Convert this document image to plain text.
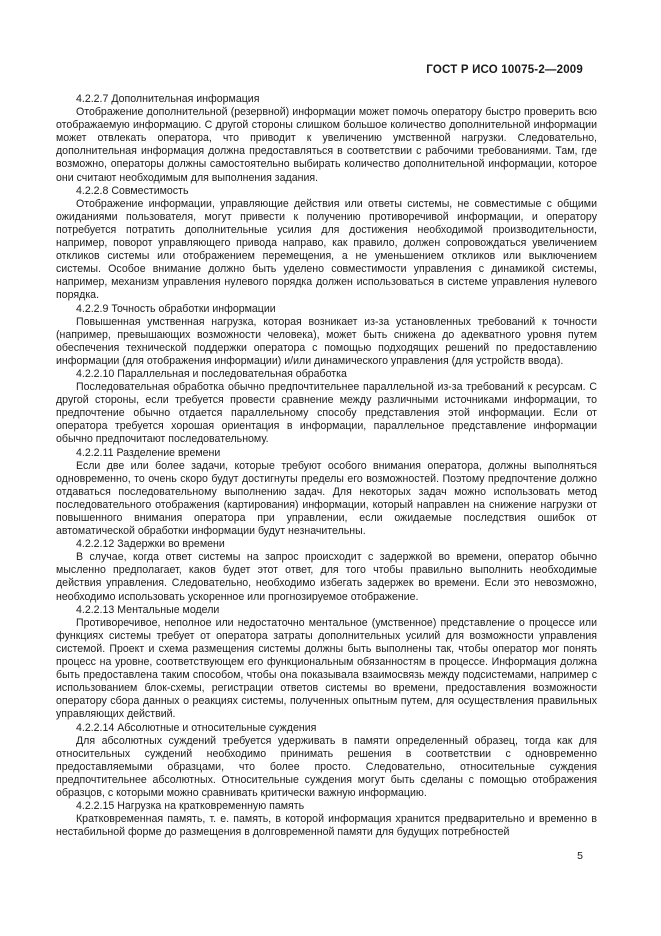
ГОСТ Р ИСО 10075-2—2009

4.2.2.7 Дополнительная информация

Отображение дополнительной (резервной) информации может помочь оператору быстро проверить всю отображаемую информацию. С другой стороны слишком большое количество дополнительной информации может отвлекать оператора, что приводит к увеличению умственной нагрузки. Следовательно, дополнительная информация должна предоставляться в соответствии с рабочими требованиями. Там, где возможно, операторы должны самостоятельно выбирать количество дополнительной информации, которое они считают необходимым для выполнения задания.

4.2.2.8 Совместимость

Отображение информации, управляющие действия или ответы системы, не совместимые с общими ожиданиями пользователя, могут привести к получению противоречивой информации, и оператору потребуется потратить дополнительные усилия для достижения необходимой производительности, например, поворот управляющего привода направо, как правило, должен сопровождаться увеличением откликов системы или отображением перемещения, а не уменьшением откликов или выключением системы. Особое внимание должно быть уделено совместимости управления с динамикой системы, например, механизм управления нулевого порядка должен использоваться в системе управления нулевого порядка.

4.2.2.9 Точность обработки информации

Повышенная умственная нагрузка, которая возникает из-за установленных требований к точности (например, превышающих возможности человека), может быть снижена до адекватного уровня путем обеспечения технической поддержки оператора с помощью подходящих решений по предоставлению информации (для отображения информации) и/или динамического управления (для устройств ввода).

4.2.2.10 Параллельная и последовательная обработка

Последовательная обработка обычно предпочтительнее параллельной из-за требований к ресурсам. С другой стороны, если требуется провести сравнение между различными источниками информации, то предпочтение обычно отдается параллельному способу представления этой информации. Если от оператора требуется хорошая ориентация в информации, параллельное представление информации обычно предпочитают последовательному.

4.2.2.11 Разделение времени

Если две или более задачи, которые требуют особого внимания оператора, должны выполняться одновременно, то очень скоро будут достигнуты пределы его возможностей. Поэтому предпочтение должно отдаваться последовательному выполнению задач. Для некоторых задач можно использовать метод последовательного отображения (картирования) информации, который направлен на снижение нагрузки от повышенного внимания оператора при управлении, если ожидаемые последствия ошибок от автоматической обработки информации будут незначительны.

4.2.2.12 Задержки во времени

В случае, когда ответ системы на запрос происходит с задержкой во времени, оператор обычно мысленно предполагает, каков будет этот ответ, для того чтобы правильно выполнить необходимые действия управления. Следовательно, необходимо избегать задержек во времени. Если это невозможно, необходимо использовать ускоренное или прогнозируемое отображение.

4.2.2.13 Ментальные модели

Противоречивое, неполное или недостаточно ментальное (умственное) представление о процессе или функциях системы требует от оператора затраты дополнительных усилий для возможности управления системой. Проект и схема размещения системы должны быть выполнены так, чтобы оператор мог понять процесс на уровне, соответствующем его функциональным обязанностям в процессе. Информация должна быть предоставлена таким способом, чтобы она показывала взаимосвязь между подсистемами, например с использованием блок-схемы, регистрации ответов системы во времени, предоставления возможности оператору сбора данных о реакциях системы, полученных опытным путем, для осуществления правильных управляющих действий.

4.2.2.14 Абсолютные и относительные суждения

Для абсолютных суждений требуется удерживать в памяти определенный образец, тогда как для относительных суждений необходимо принимать решения в соответствии с одновременно предоставляемыми образцами, что более просто. Следовательно, относительные суждения предпочтительнее абсолютных. Относительные суждения могут быть сделаны с помощью отображения образцов, с которыми можно сравнивать критически важную информацию.

4.2.2.15 Нагрузка на кратковременную память

Кратковременная память, т. е. память, в которой информация хранится предварительно и временно в нестабильной форме до размещения в долговременной памяти для будущих потребностей

5
